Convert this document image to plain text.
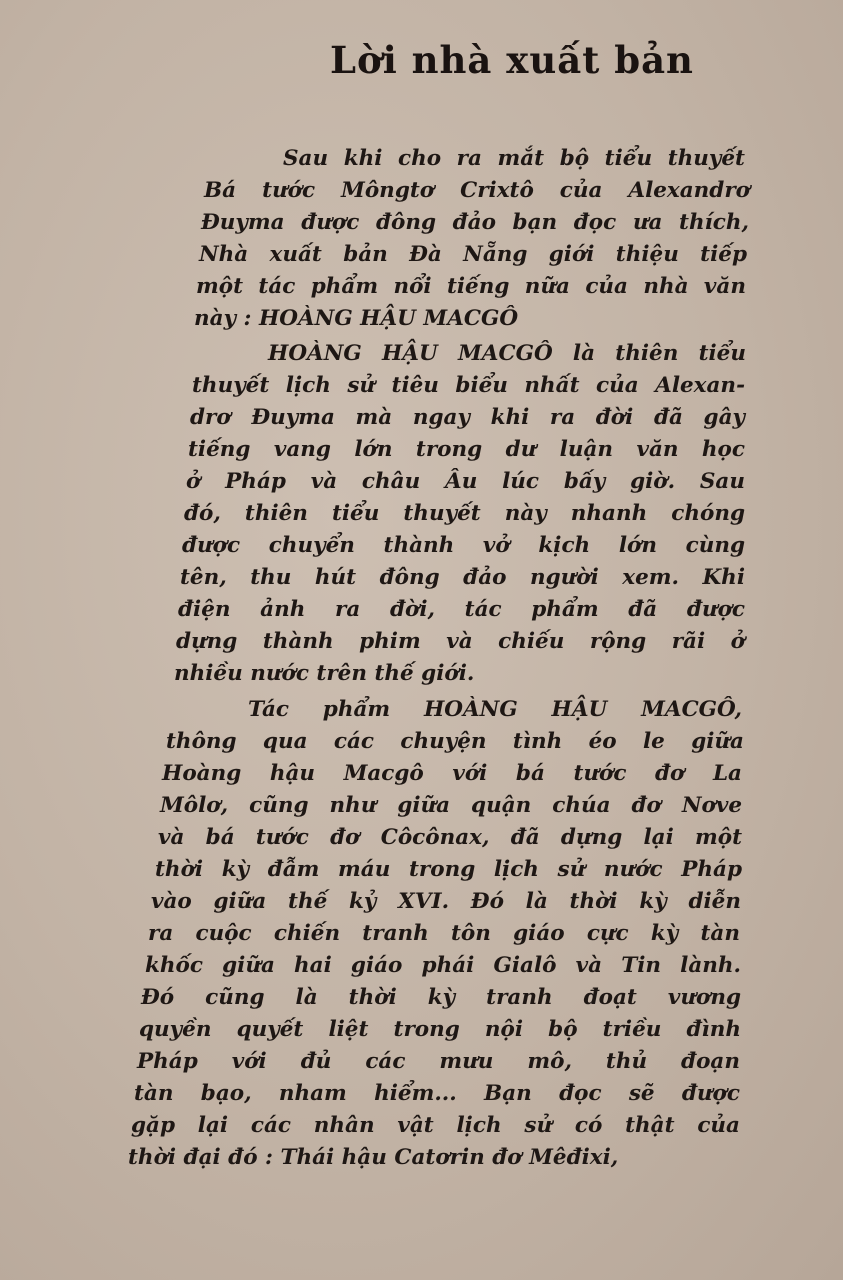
Lời nhà xuất bản
Sau khi cho ra mắt bộ tiểu thuyết
Bá tước Môngtơ Crixtô của Alexandrơ
Đuyma được đông đảo bạn đọc ưa thích,
Nhà xuất bản Đà Nẵng giới thiệu tiếp
một tác phẩm nổi tiếng nữa của nhà văn
này : HOÀNG HẬU MACGÔ
HOÀNG HẬU MACGÔ là thiên tiểu
thuyết lịch sử tiêu biểu nhất của Alexan-
drơ Đuyma mà ngay khi ra đời đã gây
tiếng vang lớn trong dư luận văn học
ở Pháp và châu Âu lúc bấy giờ. Sau
đó, thiên tiểu thuyết này nhanh chóng
được chuyển thành vở kịch lớn cùng
tên, thu hút đông đảo người xem. Khi
điện ảnh ra đời, tác phẩm đã được
dựng thành phim và chiếu rộng rãi ở
nhiều nước trên thế giới.
Tác phẩm HOÀNG HẬU MACGÔ,
thông qua các chuyện tình éo le giữa
Hoàng hậu Macgô với bá tước đơ La
Môlơ, cũng như giữa quận chúa đơ Nơve
và bá tước đơ Côcônax, đã dựng lại một
thời kỳ đẫm máu trong lịch sử nước Pháp
vào giữa thế kỷ XVI. Đó là thời kỳ diễn
ra cuộc chiến tranh tôn giáo cực kỳ tàn
khốc giữa hai giáo phái Gialô và Tin lành.
Đó cũng là thời kỳ tranh đoạt vương
quyền quyết liệt trong nội bộ triều đình
Pháp với đủ các mưu mô, thủ đoạn
tàn bạo, nham hiểm... Bạn đọc sẽ được
gặp lại các nhân vật lịch sử có thật của
thời đại đó : Thái hậu Catơrin đơ Mêđixi,
